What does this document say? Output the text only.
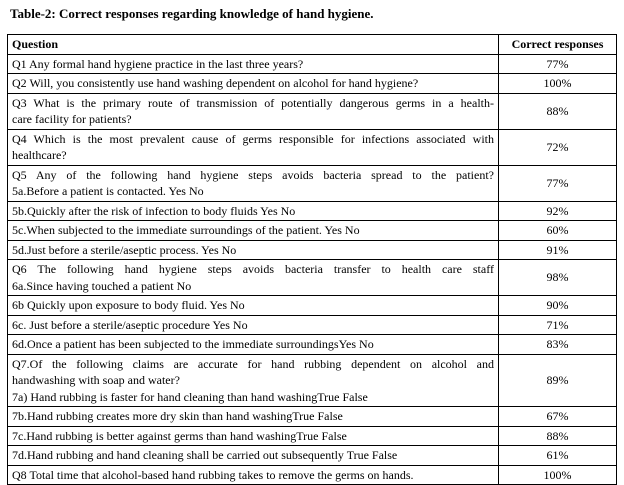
Table-2: Correct responses regarding knowledge of hand hygiene.
Question	Correct responses

Q1 Any formal hand hygiene practice in the last three years?	77%

Q2 Will, you consistently use hand washing dependent on alcohol for hand hygiene?	100%

Q3 What is the primary route of transmission of potentially dangerous germs in a health-
care facility for patients?	88%

Q4 Which is the most prevalent cause of germs responsible for infections associated with
healthcare?	72%

Q5 Any of the following hand hygiene steps avoids bacteria spread to the patient?
5a.Before a patient is contacted. Yes No	77%

5b.Quickly after the risk of infection to body fluids Yes No	92%

5c.When subjected to the immediate surroundings of the patient. Yes No	60%

5d.Just before a sterile/aseptic process. Yes No	91%

Q6 The following hand hygiene steps avoids bacteria transfer to health care staff
6a.Since having touched a patient No	98%

6b Quickly upon exposure to body fluid. Yes No	90%

6c. Just before a sterile/aseptic procedure Yes No	71%

6d.Once a patient has been subjected to the immediate surroundingsYes No	83%

Q7.Of the following claims are accurate for hand rubbing dependent on alcohol and
handwashing with soap and water?
7a) Hand rubbing is faster for hand cleaning than hand washingTrue False	89%

7b.Hand rubbing creates more dry skin than hand washingTrue False	67%

7c.Hand rubbing is better against germs than hand washingTrue False	88%

7d.Hand rubbing and hand cleaning shall be carried out subsequently True False	61%

Q8 Total time that alcohol-based hand rubbing takes to remove the germs on hands.	100%
